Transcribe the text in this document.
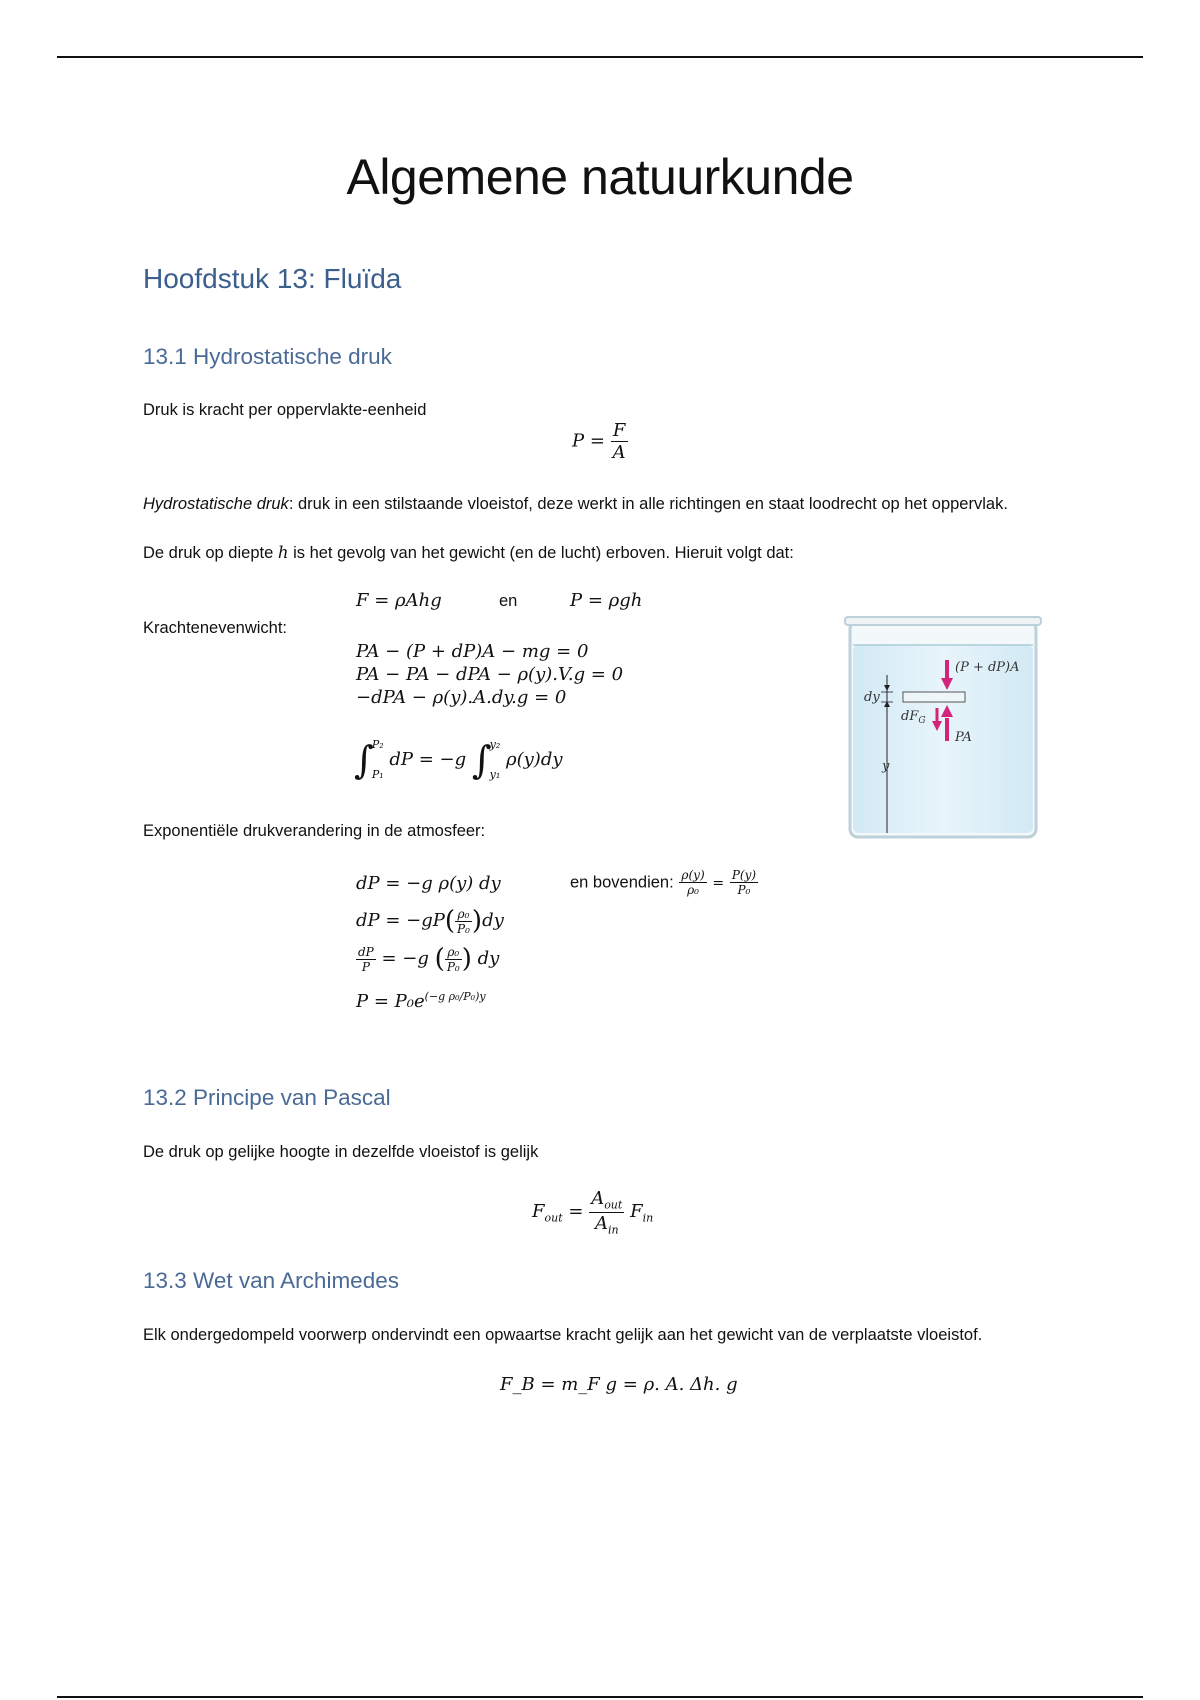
Algemene natuurkunde
Hoofdstuk 13: Fluïda
13.1 Hydrostatische druk

Druk is kracht per oppervlakte-eenheid

$P = \frac{F}{A}$

Hydrostatische druk: druk in een stilstaande vloeistof, deze werkt in alle richtingen en staat loodrecht op het oppervlak.

De druk op diepte h is het gevolg van het gewicht (en de lucht) erboven. Hieruit volgt dat:

F = ρAhg	en	P = ρgh

Krachtenevenwicht:

PA − (P + dP)A − mg = 0
PA − PA − dPA − ρ(y).V.g = 0
−dPA − ρ(y).A.dy.g = 0
∫
P₂
P₁
dP = −g ∫
y₂
y₁
ρ(y)dy

Exponentiële drukverandering in de atmosfeer:

dP = −g ρ(y) dy	en bovendien: $\frac{\rho(y)}{\text{ρ₀}} = \frac{P(y)}{\text{P₀}}$
dP = $-gP( \frac{\text{ρ₀}}{\text{P₀}} )dy$
$\frac{dP}{P} = -g$ ( $\frac{\text{ρ₀}}{\text{P₀}}$ ) dy
$P = P_0e^{(-g \rho_0/P_0)y}$
dy
$dF_G$
y
(P + dP)A
PA
13.2 Principe van Pascal

De druk op gelijke hoogte in dezelfde vloeistof is gelijk

$F_{out} = \frac{A_{out}}{A_{in}} F_{in}$
13.3 Wet van Archimedes

Elk ondergedompeld voorwerp ondervindt een opwaartse kracht gelijk aan het gewicht van de verplaatste vloeistof.

F_B = m_F g = ρ. A. Δh. g
